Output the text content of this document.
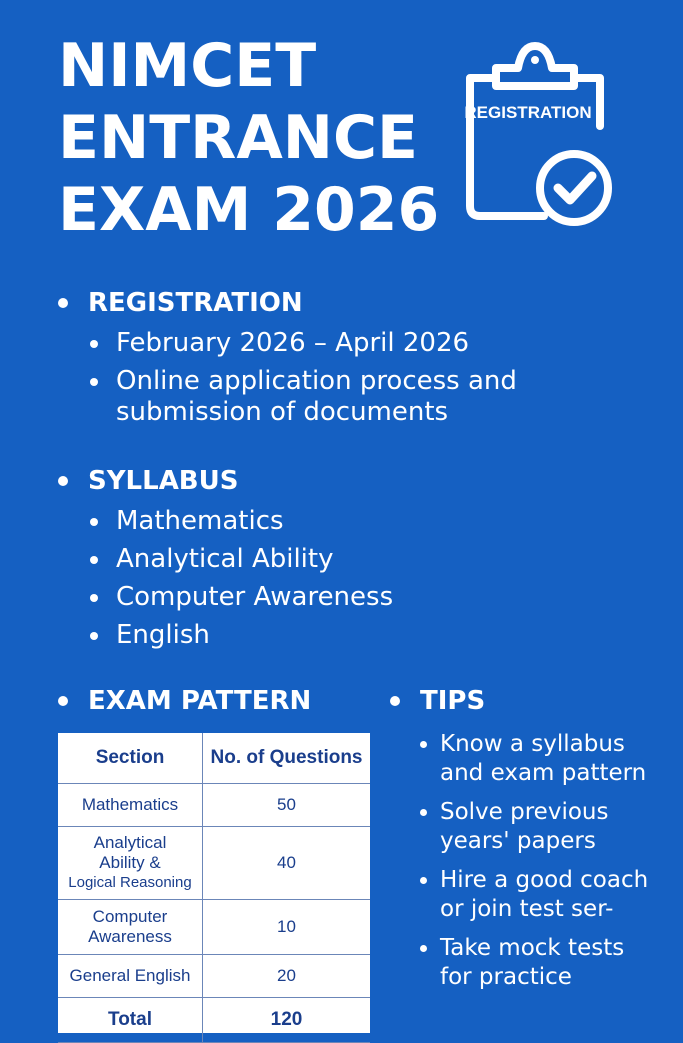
NIMCET
ENTRANCE
EXAM 2026
REGISTRATION
REGISTRATION
February 2026 – April 2026
Online application process and submission of documents
SYLLABUS
Mathematics
Analytical Ability
Computer Awareness
English
EXAM PATTERN
Section	No. of Questions
Mathematics	50

Analytical
Ability &
Logical Reasoning	40

Computer
Awareness	10
General English	20
Total	120
TIPS
Know a syllabus
and exam pattern
Solve previous
years' papers
Hire a good coach
or join test ser-
Take mock tests
for practice
